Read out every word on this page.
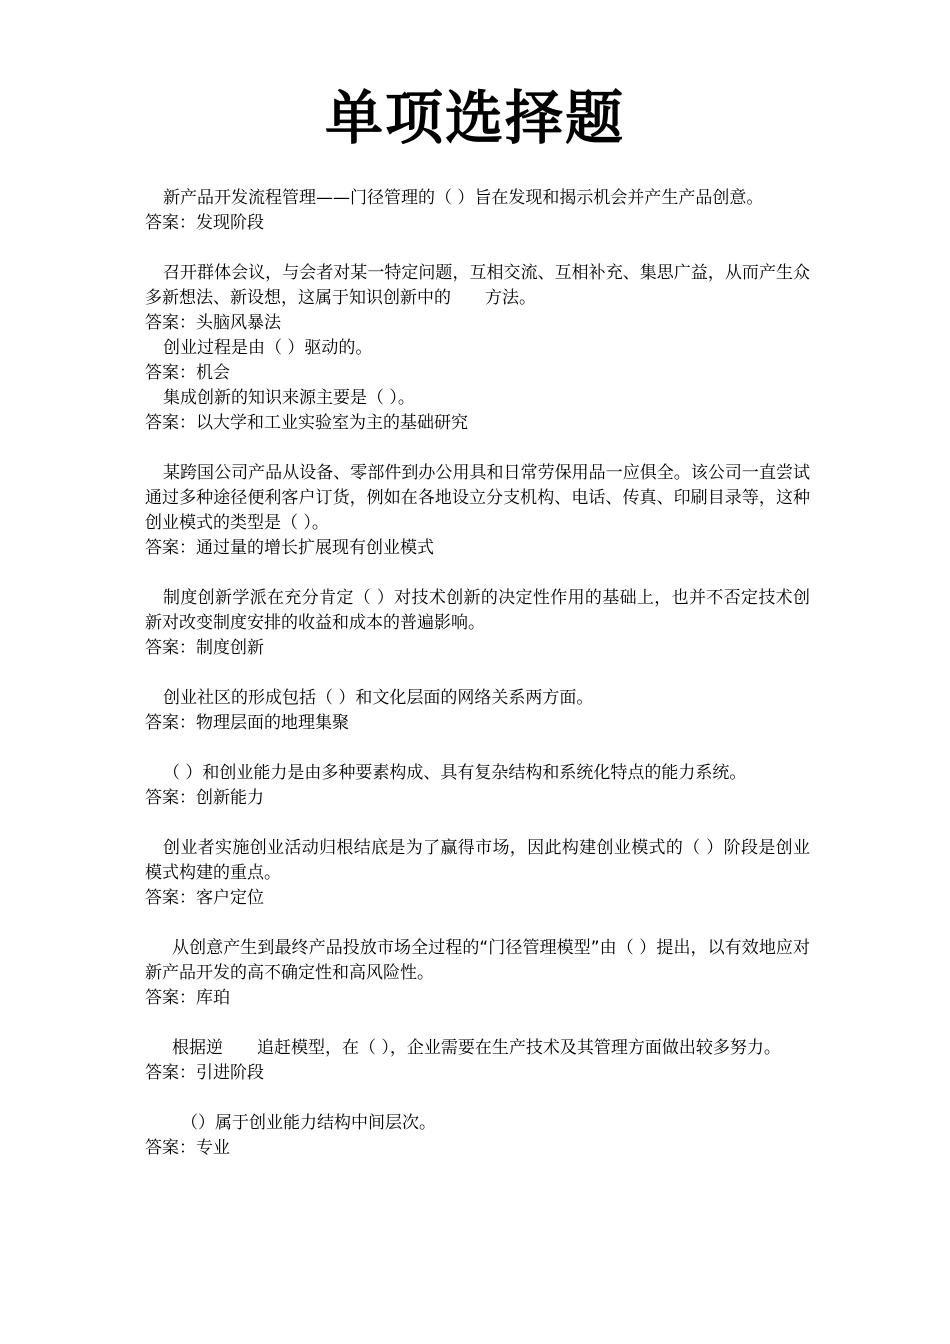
单项选择题
新产品开发流程管理——门径管理的（ ）旨在发现和揭示机会并产生产品创意。
答案：发现阶段
召开群体会议，与会者对某一特定问题，互相交流、互相补充、集思广益，从而产生众多新想法、新设想，这属于知识创新中的　　方法。
答案：头脑风暴法
创业过程是由（ ）驱动的。
答案：机会
集成创新的知识来源主要是（ ）。
答案：以大学和工业实验室为主的基础研究
某跨国公司产品从设备、零部件到办公用具和日常劳保用品一应俱全。该公司一直尝试通过多种途径便利客户订货，例如在各地设立分支机构、电话、传真、印刷目录等，这种创业模式的类型是（ ）。
答案：通过量的增长扩展现有创业模式
制度创新学派在充分肯定（ ）对技术创新的决定性作用的基础上，也并不否定技术创新对改变制度安排的收益和成本的普遍影响。
答案：制度创新
创业社区的形成包括（ ）和文化层面的网络关系两方面。
答案：物理层面的地理集聚
（ ）和创业能力是由多种要素构成、具有复杂结构和系统化特点的能力系统。
答案：创新能力
创业者实施创业活动归根结底是为了赢得市场，因此构建创业模式的（ ）阶段是创业模式构建的重点。
答案：客户定位
从创意产生到最终产品投放市场全过程的“门径管理模型”由（ ）提出，以有效地应对新产品开发的高不确定性和高风险性。
答案：库珀
根据逆　　追赶模型，在（ ），企业需要在生产技术及其管理方面做出较多努力。
答案：引进阶段
（）属于创业能力结构中间层次。
答案：专业
